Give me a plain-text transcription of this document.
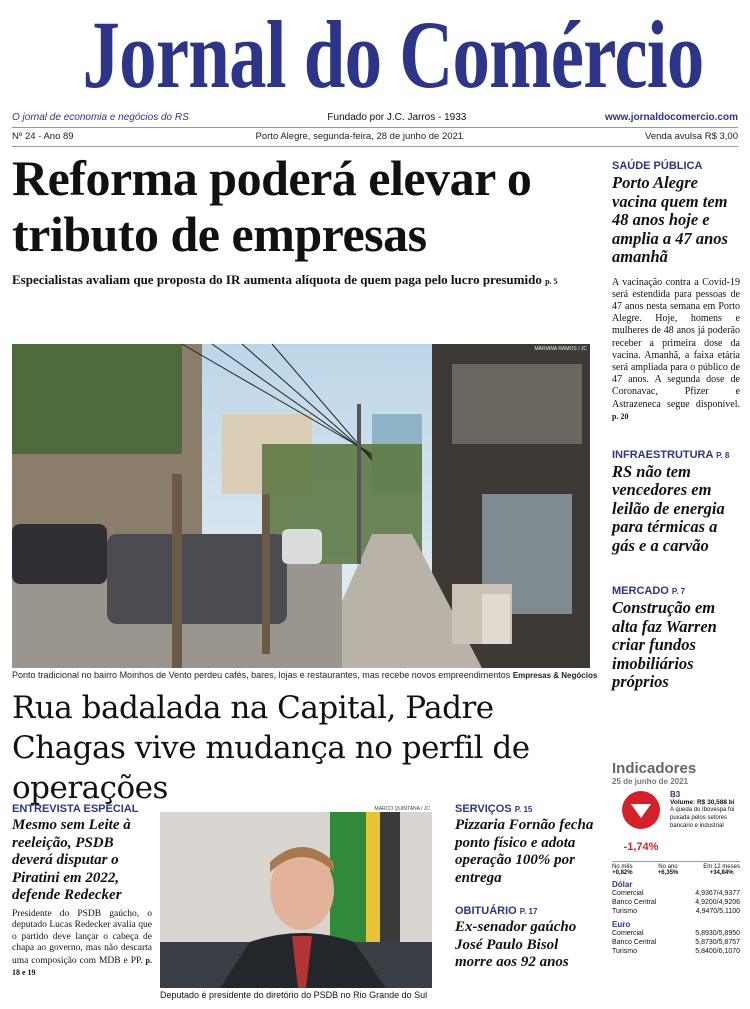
Jornal do Comércio
O jornal de economia e negócios do RS	Fundado por J.C. Jarros - 1933	www.jornaldocomercio.com
Nº 24 - Ano 89	Porto Alegre, segunda-feira, 28 de junho de 2021	Venda avulsa R$ 3,00
Reforma poderá elevar o tributo de empresas
Especialistas avaliam que proposta do IR aumenta alíquota de quem paga pelo lucro presumido p. 5
MARIANA RAMOS / JC
Ponto tradicional no bairro Moinhos de Vento perdeu cafés, bares, lojas e restaurantes, mas recebe novos empreendimentos Empresas & Negócios
Rua badalada na Capital, Padre Chagas vive mudança no perfil de operações
SAÚDE PÚBLICA
Porto Alegre vacina quem tem 48 anos hoje e amplia a 47 anos amanhã
A vacinação contra a Covid-19 será estendida para pessoas de 47 anos nesta semana em Porto Alegre. Hoje, homens e mulheres de 48 anos já poderão receber a primeira dose da vacina. Amanhã, a faixa etária será ampliada para o público de 47 anos. A segunda dose de Coronavac, Pfizer e Astrazeneca segue disponível. p. 20
INFRAESTRUTURA P. 8
RS não tem vencedores em leilão de energia para térmicas a gás e a carvão
MERCADO P. 7
Construção em alta faz Warren criar fundos imobiliários próprios
ENTREVISTA ESPECIAL
Mesmo sem Leite à reeleição, PSDB deverá disputar o Piratini em 2022, defende Redecker
Presidente do PSDB gaúcho, o deputado Lucas Redecker avalia que o partido deve lançar o cabeça de chapa ao governo, mas não descarta uma composição com MDB e PP. p. 18 e 19
MARCO QUINTANA / JC
Deputado é presidente do diretório do PSDB no Rio Grande do Sul
SERVIÇOS P. 15
Pizzaria Fornão fecha ponto físico e adota operação 100% por entrega
OBITUÁRIO P. 17
Ex-senador gaúcho José Paulo Bisol morre aos 92 anos
Indicadores
25 de junho de 2021
-1,74%
B3
Volume: R$ 30,588 bi
A queda do Ibovespa foi puxada pelos setores bancário e industrial
No mês
+0,82%
No ano
+6,35%
Em 12 meses
+34,84%
Dólar
Comercial	4,9367/4,9377
Banco Central	4,9200/4,9206
Turismo	4,9470/5,1100
Euro
Comercial	5,8930/5,8950
Banco Central	5,8730/5,8757
Turismo	5,8400/6,1070
